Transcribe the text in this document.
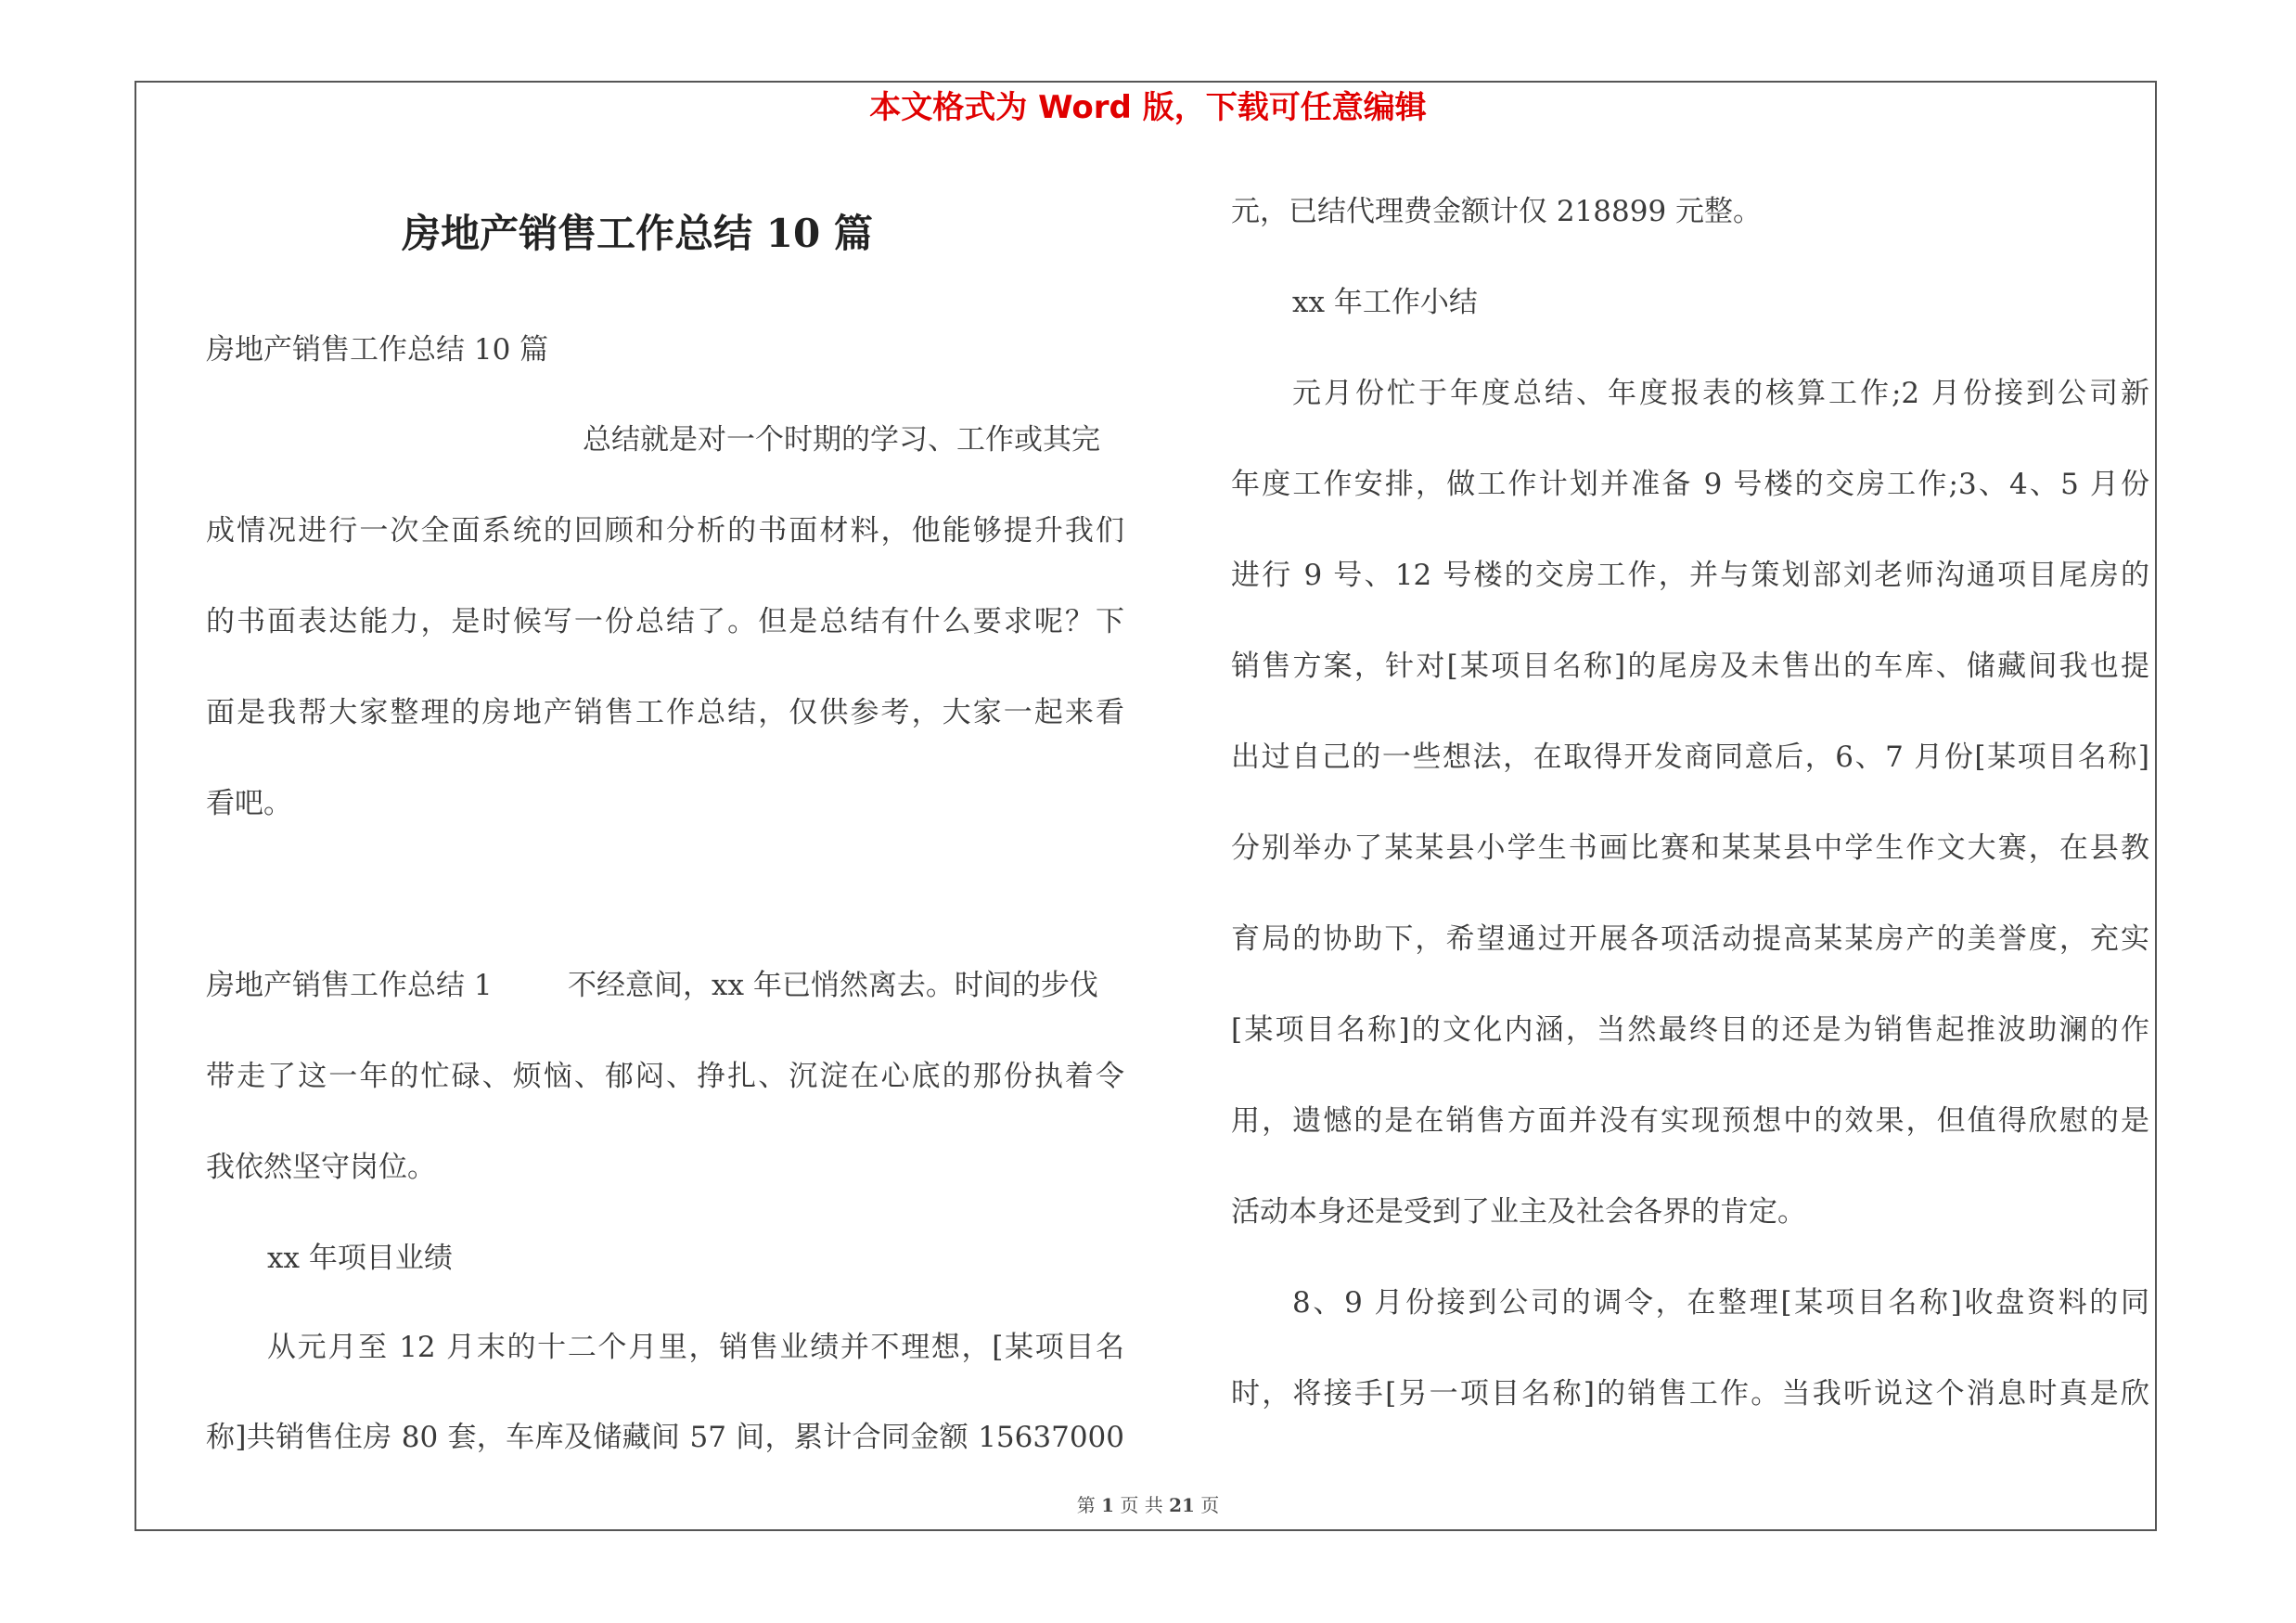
本文格式为 Word 版，下载可任意编辑
房地产销售工作总结 10 篇
房地产销售工作总结 10 篇
总结就是对一个时期的学习、工作或其完
成情况进行一次全面系统的回顾和分析的书面材料，他能够提升我们
的书面表达能力，是时候写一份总结了。但是总结有什么要求呢？下
面是我帮大家整理的房地产销售工作总结，仅供参考，大家一起来看
看吧。
房地产销售工作总结 1	不经意间，xx 年已悄然离去。时间的步伐
带走了这一年的忙碌、烦恼、郁闷、挣扎、沉淀在心底的那份执着令
我依然坚守岗位。
xx 年项目业绩
从元月至 12 月末的十二个月里，销售业绩并不理想，[某项目名
称]共销售住房 80 套，车库及储藏间 57 间，累计合同金额 15637000
元，已结代理费金额计仅 218899 元整。
xx 年工作小结
元月份忙于年度总结、年度报表的核算工作;2 月份接到公司新
年度工作安排，做工作计划并准备 9 号楼的交房工作;3、4、5 月份
进行 9 号、12 号楼的交房工作，并与策划部刘老师沟通项目尾房的
销售方案，针对[某项目名称]的尾房及未售出的车库、储藏间我也提
出过自己的一些想法，在取得开发商同意后，6、7 月份[某项目名称]
分别举办了某某县小学生书画比赛和某某县中学生作文大赛，在县教
育局的协助下，希望通过开展各项活动提高某某房产的美誉度，充实
[某项目名称]的文化内涵，当然最终目的还是为销售起推波助澜的作
用，遗憾的是在销售方面并没有实现预想中的效果，但值得欣慰的是
活动本身还是受到了业主及社会各界的肯定。
8、9 月份接到公司的调令，在整理[某项目名称]收盘资料的同
时，将接手[另一项目名称]的销售工作。当我听说这个消息时真是欣
第 1 页 共 21 页
